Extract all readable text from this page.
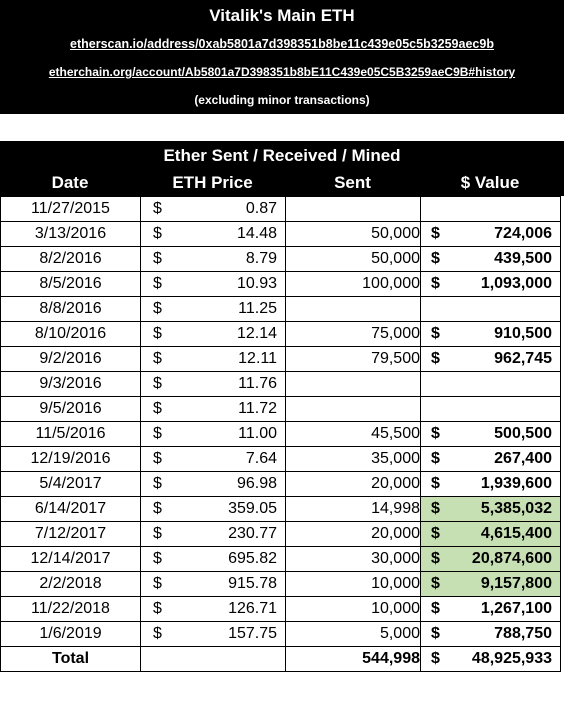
Vitalik's Main ETH
etherscan.io/address/0xab5801a7d398351b8be11c439e05c5b3259aec9b
etherchain.org/account/Ab5801a7D398351b8bE11C439e05C5B3259aeC9B#history
(excluding minor transactions)
Ether Sent / Received / Mined
Date	ETH Price	Sent	$ Value
11/27/2015	$ 0.87		

3/13/2016	$ 14.48	50,000	$ 724,006

8/2/2016	$ 8.79	50,000	$ 439,500

8/5/2016	$ 10.93	100,000	$ 1,093,000

8/8/2016	$ 11.25		

8/10/2016	$ 12.14	75,000	$ 910,500

9/2/2016	$ 12.11	79,500	$ 962,745

9/3/2016	$ 11.76		

9/5/2016	$ 11.72		

11/5/2016	$ 11.00	45,500	$ 500,500

12/19/2016	$ 7.64	35,000	$ 267,400

5/4/2017	$ 96.98	20,000	$ 1,939,600

6/14/2017	$ 359.05	14,998	$ 5,385,032

7/12/2017	$ 230.77	20,000	$ 4,615,400

12/14/2017	$ 695.82	30,000	$ 20,874,600

2/2/2018	$ 915.78	10,000	$ 9,157,800

11/22/2018	$ 126.71	10,000	$ 1,267,100

1/6/2019	$ 157.75	5,000	$ 788,750

Total		544,998	$ 48,925,933
